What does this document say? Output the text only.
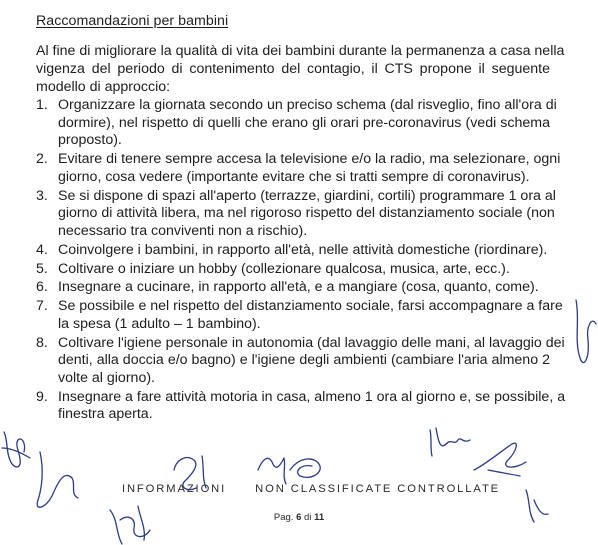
Raccomandazioni per bambini
Al fine di migliorare la qualità di vita dei bambini durante la permanenza a casa nella
vigenza del periodo di contenimento del contagio, il CTS propone il seguente
modello di approccio:
1. Organizzare la giornata secondo un preciso schema (dal risveglio, fino all'ora di
dormire), nel rispetto di quelli che erano gli orari pre-coronavirus (vedi schema
proposto).
2. Evitare di tenere sempre accesa la televisione e/o la radio, ma selezionare, ogni
giorno, cosa vedere (importante evitare che si tratti sempre di coronavirus).
3. Se si dispone di spazi all'aperto (terrazze, giardini, cortili) programmare 1 ora al
giorno di attività libera, ma nel rigoroso rispetto del distanziamento sociale (non
necessario tra conviventi non a rischio).
4. Coinvolgere i bambini, in rapporto all'età, nelle attività domestiche (riordinare).
5. Coltivare o iniziare un hobby (collezionare qualcosa, musica, arte, ecc.).
6. Insegnare a cucinare, in rapporto all'età, e a mangiare (cosa, quanto, come).
7. Se possibile e nel rispetto del distanziamento sociale, farsi accompagnare a fare
la spesa (1 adulto – 1 bambino).
8. Coltivare l'igiene personale in autonomia (dal lavaggio delle mani, al lavaggio dei
denti, alla doccia e/o bagno) e l'igiene degli ambienti (cambiare l'aria almeno 2
volte al giorno).
9. Insegnare a fare attività motoria in casa, almeno 1 ora al giorno e, se possibile, a
finestra aperta.
INFORMAZIONI	NON CLASSIFICATE CONTROLLATE
Pag. 6 di 11
